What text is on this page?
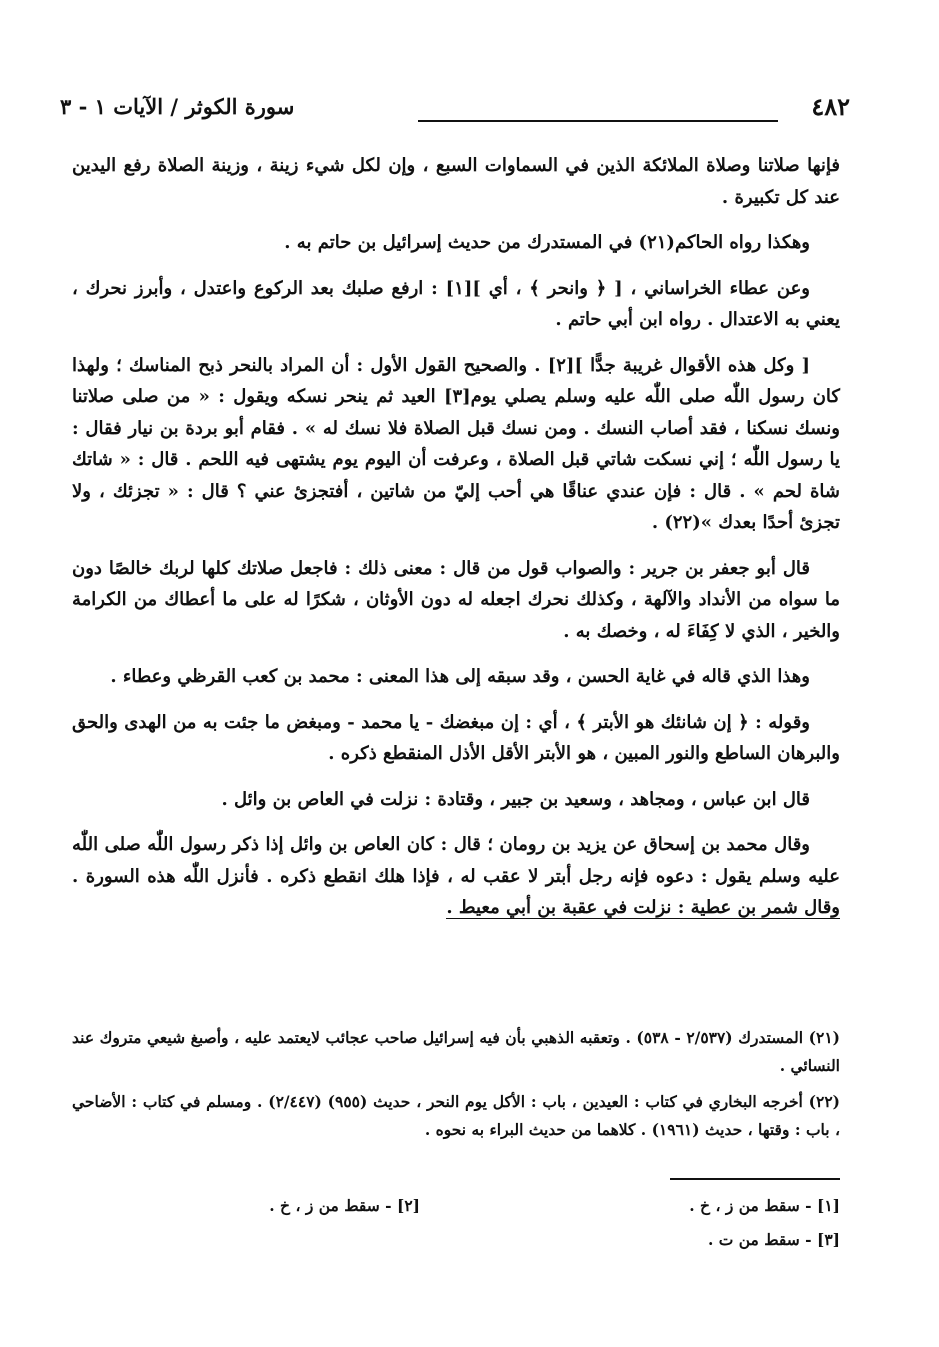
٤٨٢
سورة الكوثر / الآيات ١ - ٣

فإنها صلاتنا وصلاة الملائكة الذين في السماوات السبع ، وإن لكل شيء زينة ، وزينة الصلاة رفع اليدين عند كل تكبيرة .

وهكذا رواه الحاكم(٢١) في المستدرك من حديث إسرائيل بن حاتم به .

وعن عطاء الخراساني ، [ ﴿ وانحر ﴾ ، أي ][١] : ارفع صلبك بعد الركوع واعتدل ، وأبرز نحرك ، يعني به الاعتدال . رواه ابن أبي حاتم .

[ وكل هذه الأقوال غريبة جدًّا ][٢] . والصحيح القول الأول : أن المراد بالنحر ذبح المناسك ؛ ولهذا كان رسول اللّٰه صلى اللّٰه عليه وسلم يصلي يوم[٣] العيد ثم ينحر نسكه ويقول : « من صلى صلاتنا ونسك نسكنا ، فقد أصاب النسك . ومن نسك قبل الصلاة فلا نسك له » . فقام أبو بردة بن نيار فقال : يا رسول اللّٰه ؛ إني نسكت شاتي قبل الصلاة ، وعرفت أن اليوم يوم يشتهى فيه اللحم . قال : « شاتك شاة لحم » . قال : فإن عندي عناقًا هي أحب إليّ من شاتين ، أفتجزئ عني ؟ قال : « تجزئك ، ولا تجزئ أحدًا بعدك »(٢٢) .

قال أبو جعفر بن جرير : والصواب قول من قال : معنى ذلك : فاجعل صلاتك كلها لربك خالصًا دون ما سواه من الأنداد والآلهة ، وكذلك نحرك اجعله له دون الأوثان ، شكرًا له على ما أعطاك من الكرامة والخير ، الذي لا كِفَاءَ له ، وخصك به .

وهذا الذي قاله في غاية الحسن ، وقد سبقه إلى هذا المعنى : محمد بن كعب القرظي وعطاء .

وقوله : ﴿ إن شانئك هو الأبتر ﴾ ، أي : إن مبغضك - يا محمد - ومبغض ما جئت به من الهدى والحق والبرهان الساطع والنور المبين ، هو الأبتر الأقل الأذل المنقطع ذكره .

قال ابن عباس ، ومجاهد ، وسعيد بن جبير ، وقتادة : نزلت في العاص بن وائل .

وقال محمد بن إسحاق عن يزيد بن رومان ؛ قال : كان العاص بن وائل إذا ذكر رسول اللّٰه صلى اللّٰه عليه وسلم يقول : دعوه فإنه رجل أبتر لا عقب له ، فإذا هلك انقطع ذكره . فأنزل اللّٰه هذه السورة . وقال شمر بن عطية : نزلت في عقبة بن أبي معيط .

(٢١) المستدرك (٢/٥٣٧ - ٥٣٨) . وتعقبه الذهبي بأن فيه إسرائيل صاحب عجائب لايعتمد عليه ، وأصبغ شيعي متروك عند النسائي .

(٢٢) أخرجه البخاري في كتاب : العيدين ، باب : الأكل يوم النحر ، حديث (٩٥٥) (٢/٤٤٧) . ومسلم في كتاب : الأضاحي ، باب : وقتها ، حديث (١٩٦١) . كلاهما من حديث البراء به نحوه .

[١] - سقط من ز ، خ .
[٢] - سقط من ز ، خ .
[٣] - سقط من ت .
